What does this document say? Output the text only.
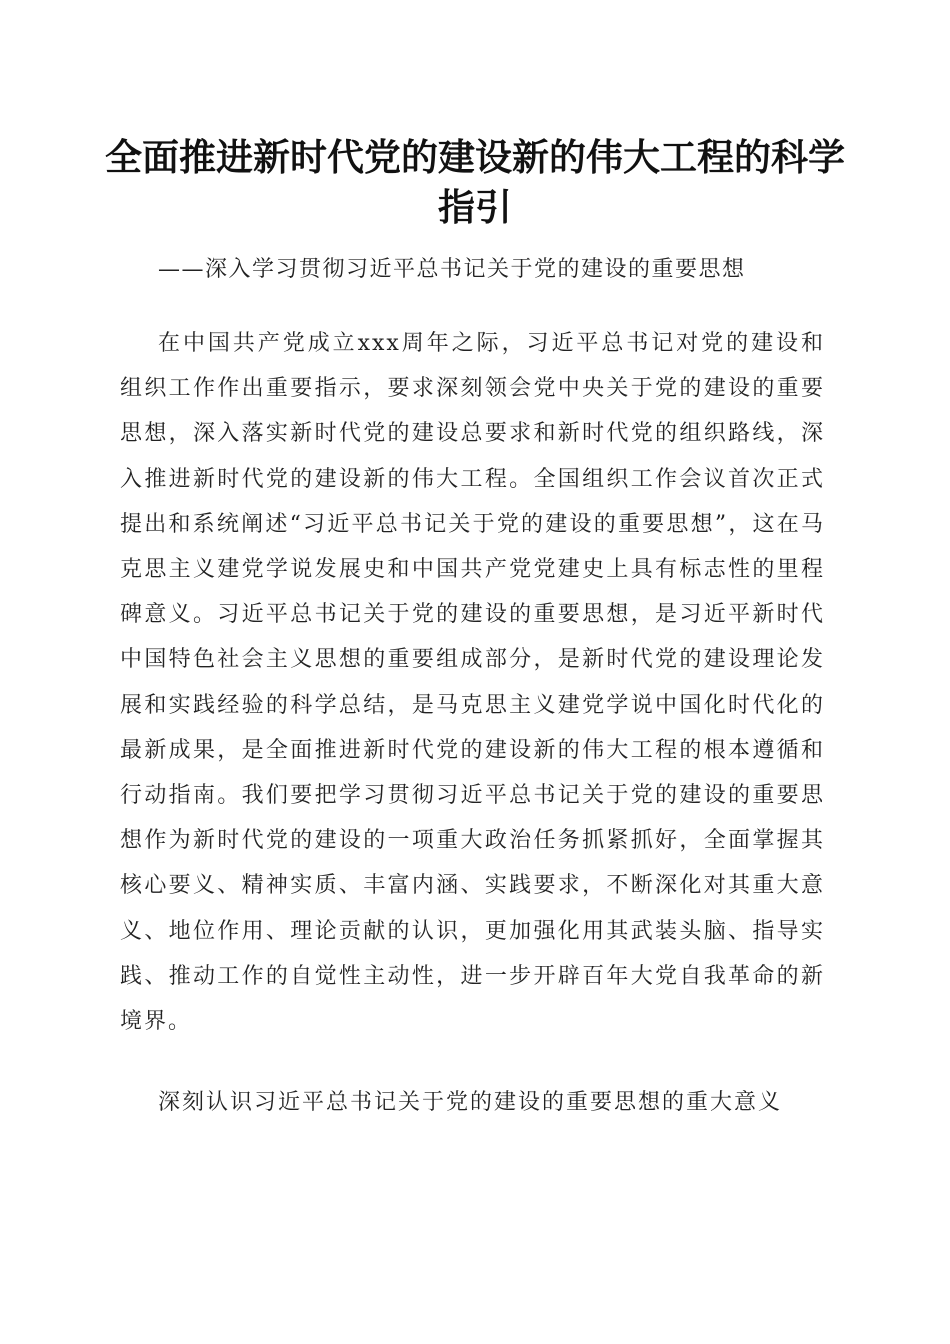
全面推进新时代党的建设新的伟大工程的科学指引

——深入学习贯彻习近平总书记关于党的建设的重要思想

在中国共产党成立xxx周年之际，习近平总书记对党的建设和组织工作作出重要指示，要求深刻领会党中央关于党的建设的重要思想，深入落实新时代党的建设总要求和新时代党的组织路线，深入推进新时代党的建设新的伟大工程。全国组织工作会议首次正式提出和系统阐述“习近平总书记关于党的建设的重要思想”，这在马克思主义建党学说发展史和中国共产党党建史上具有标志性的里程碑意义。习近平总书记关于党的建设的重要思想，是习近平新时代中国特色社会主义思想的重要组成部分，是新时代党的建设理论发展和实践经验的科学总结，是马克思主义建党学说中国化时代化的最新成果，是全面推进新时代党的建设新的伟大工程的根本遵循和行动指南。我们要把学习贯彻习近平总书记关于党的建设的重要思想作为新时代党的建设的一项重大政治任务抓紧抓好，全面掌握其核心要义、精神实质、丰富内涵、实践要求，不断深化对其重大意义、地位作用、理论贡献的认识，更加强化用其武装头脑、指导实践、推动工作的自觉性主动性，进一步开辟百年大党自我革命的新境界。

深刻认识习近平总书记关于党的建设的重要思想的重大意义
